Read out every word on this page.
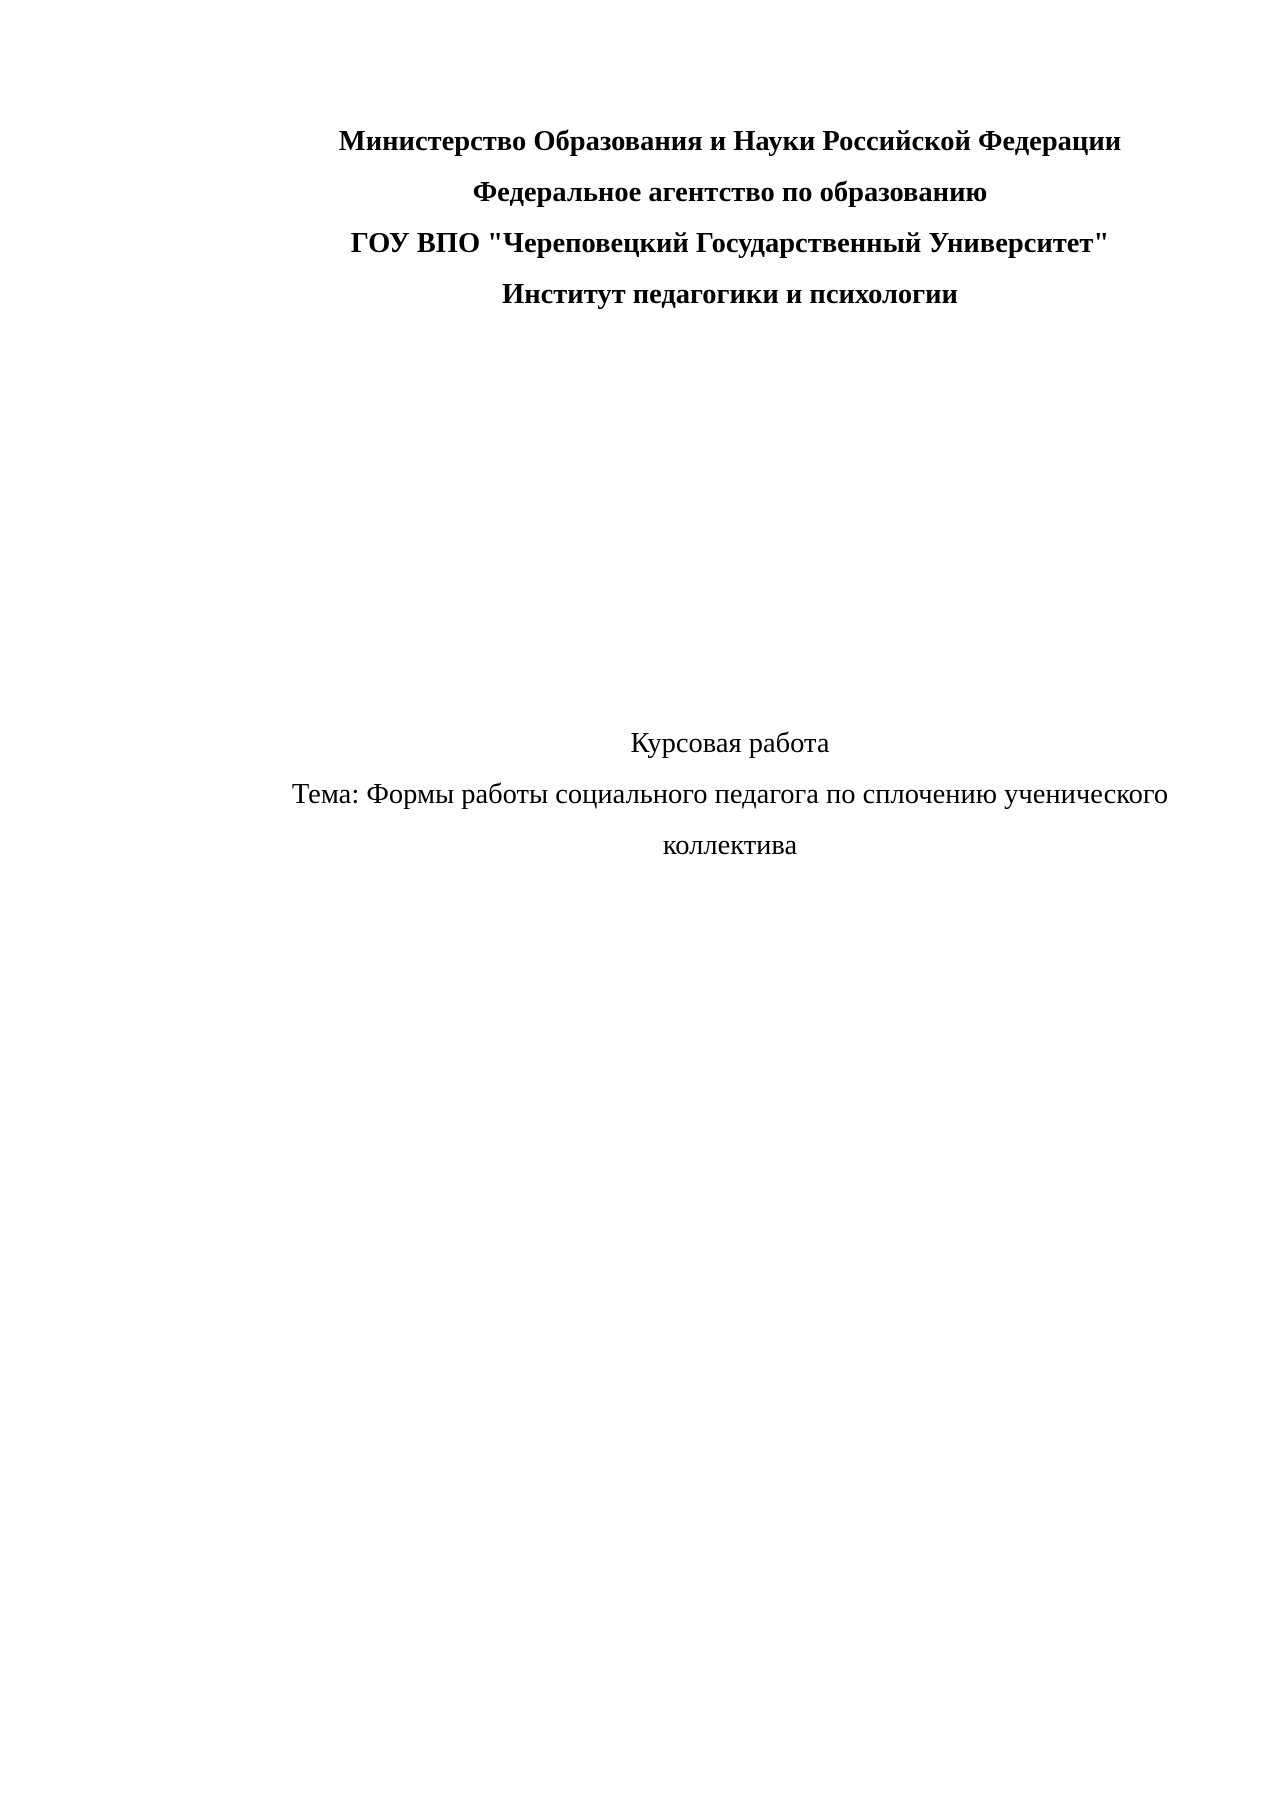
Министерство Образования и Науки Российской Федерации
Федеральное агентство по образованию
ГОУ ВПО "Череповецкий Государственный Университет"
Институт педагогики и психологии
Курсовая работа
Тема: Формы работы социального педагога по сплочению ученического коллектива
